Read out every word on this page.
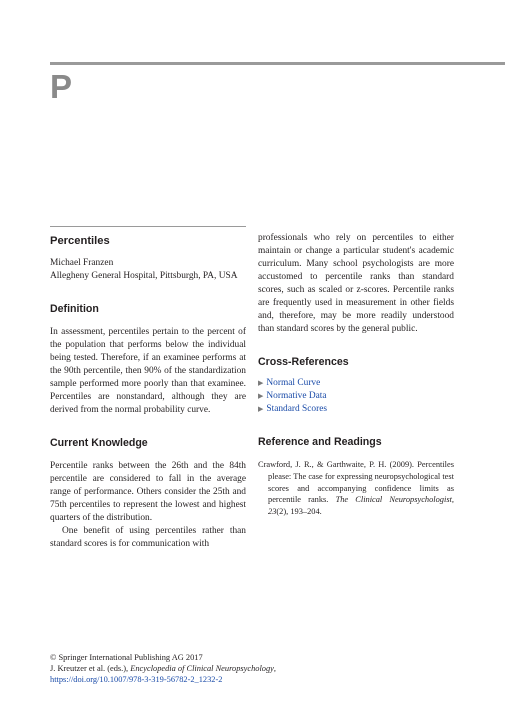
P
Percentiles
Michael Franzen
Allegheny General Hospital, Pittsburgh, PA, USA
Definition

In assessment, percentiles pertain to the percent of the population that performs below the individual being tested. Therefore, if an examinee performs at the 90th percentile, then 90% of the standardization sample performed more poorly than that examinee. Percentiles are nonstandard, although they are derived from the normal probability curve.

Current Knowledge

Percentile ranks between the 26th and the 84th percentile are considered to fall in the average range of performance. Others consider the 25th and 75th percentiles to represent the lowest and highest quarters of the distribution.

One benefit of using percentiles rather than standard scores is for communication with

professionals who rely on percentiles to either maintain or change a particular student's academic curriculum. Many school psychologists are more accustomed to percentile ranks than standard scores, such as scaled or z-scores. Percentile ranks are frequently used in measurement in other fields and, therefore, may be more readily understood than standard scores by the general public.

Cross-References
▶ Normal Curve
▶ Normative Data
▶ Standard Scores
Reference and Readings

Crawford, J. R., & Garthwaite, P. H. (2009). Percentiles please: The case for expressing neuropsychological test scores and accompanying confidence limits as percentile ranks. The Clinical Neuropsychologist, 23(2), 193–204.

© Springer International Publishing AG 2017
J. Kreutzer et al. (eds.), Encyclopedia of Clinical Neuropsychology,
https://doi.org/10.1007/978-3-319-56782-2_1232-2
